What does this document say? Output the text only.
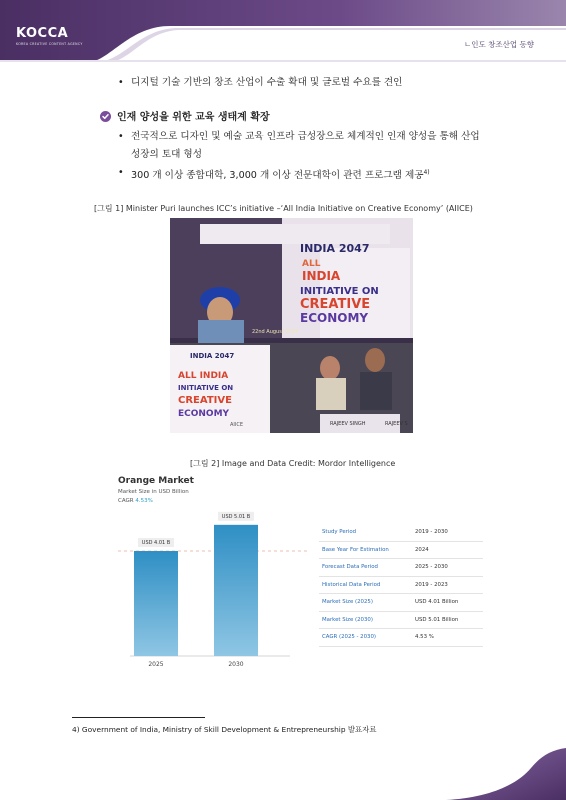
KOCCA
KOREA CREATIVE CONTENT AGENCY	ㄴ인도 창조산업 동향
• 디지털 기술 기반의 창조 산업이 수출 확대 및 글로벌 수요를 견인
인재 양성을 위한 교육 생태계 확장
• 전국적으로 디자인 및 예술 교육 인프라 급성장으로 체계적인 인재 양성을 통해 산업
성장의 토대 형성
• 300 개 이상 종합대학, 3,000 개 이상 전문대학이 관련 프로그램 제공$^{4)}$
[그림 1] Minister Puri launches ICC’s initiative –‘All India Initiative on Creative Economy’ (AIICE)
INDIA 2047
ALL
INDIA
INITIATIVE ON
CREATIVE
ECONOMY
22nd August 2024
INDIA 2047
ALL INDIA
INITIATIVE ON
CREATIVE
ECONOMY
AIICE	RAJEEV SINGH	RAJEEV S
[그림 2] Image and Data Credit: Mordor Intelligence
Orange Market
Market Size in USD Billion
CAGR 4.53%
USD 4.01 B
2025
USD 5.01 B
2030
Study Period	2019 - 2030
Base Year For Estimation	2024
Forecast Data Period	2025 - 2030
Historical Data Period	2019 - 2023
Market Size (2025)	USD 4.01 Billion
Market Size (2030)	USD 5.01 Billion
CAGR (2025 - 2030)	4.53 %
4) Government of India, Ministry of Skill Development & Entrepreneurship 발표자료
